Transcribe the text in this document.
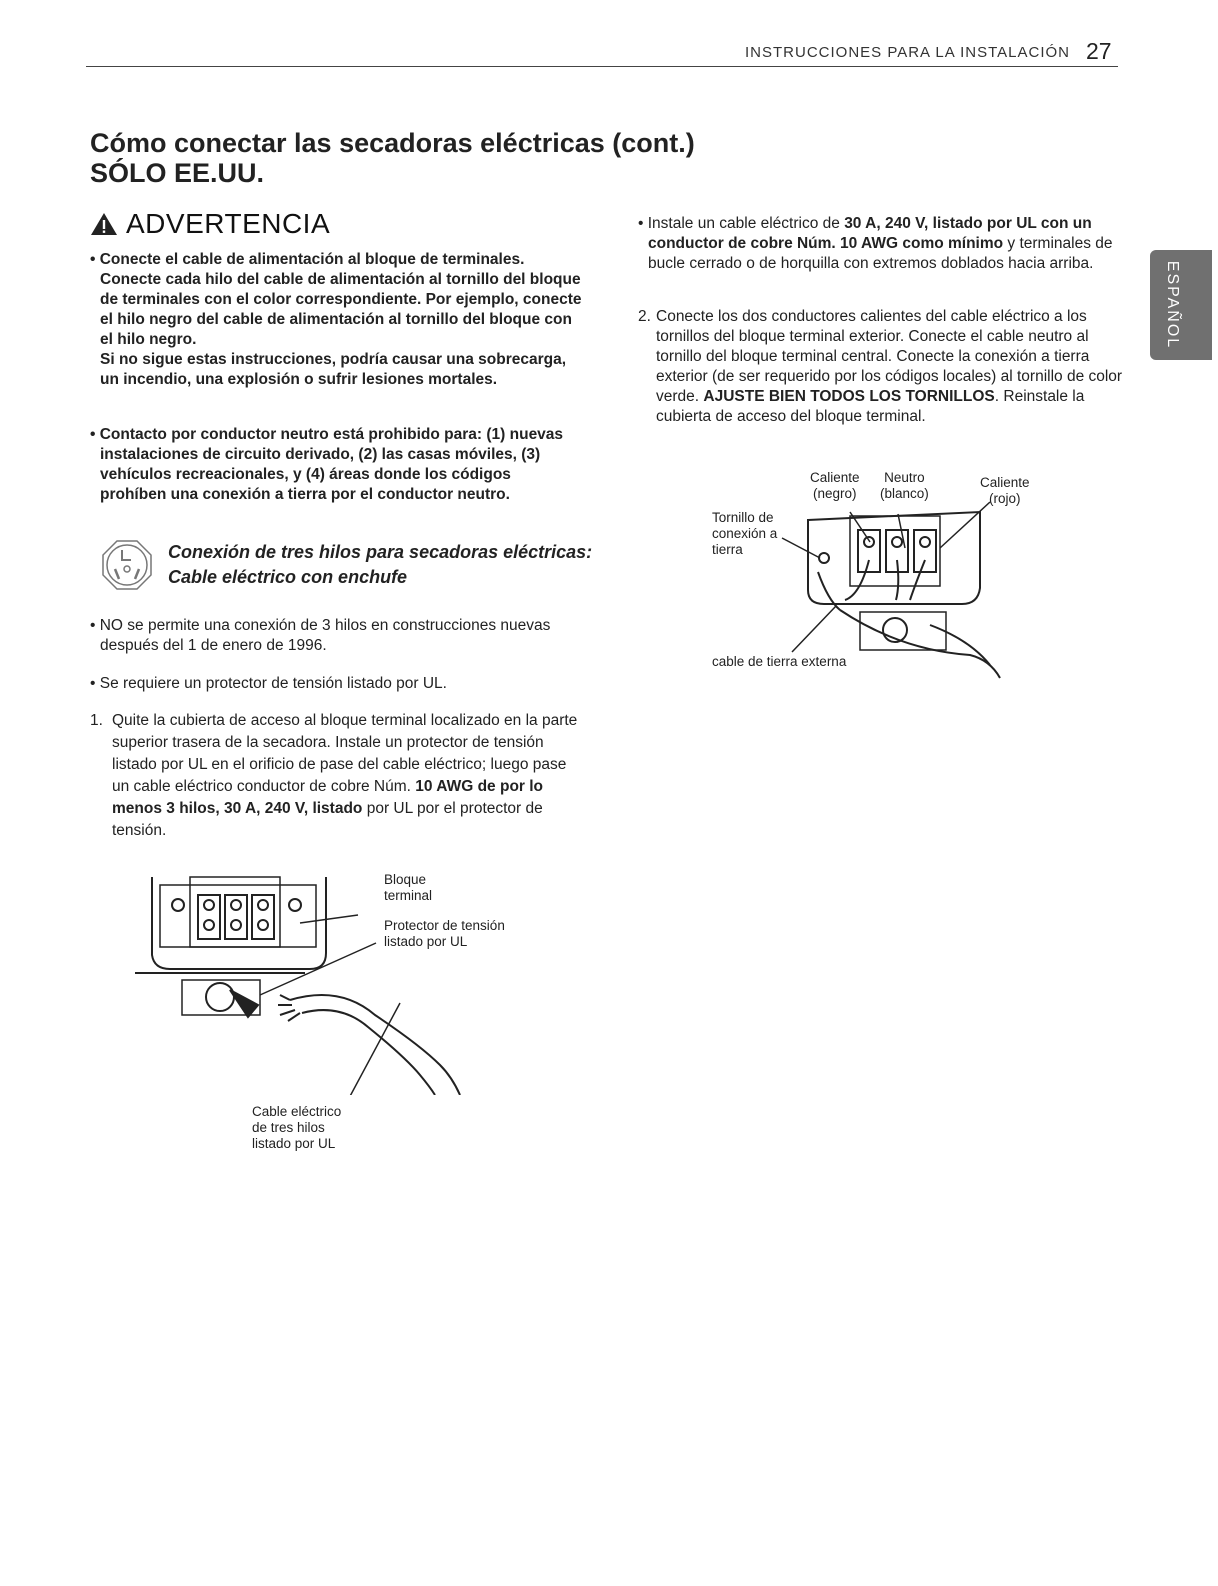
INSTRUCCIONES PARA LA INSTALACIÓN 27
ESPAÑOL
Cómo conectar las secadoras eléctricas (cont.)
SÓLO EE.UU.
ADVERTENCIA
• Conecte el cable de alimentación al bloque de terminales. Conecte cada hilo del cable de alimentación al tornillo del bloque de terminales con el color correspondiente. Por ejemplo, conecte el hilo negro del cable de alimentación al tornillo del bloque con el hilo negro.
Si no sigue estas instrucciones, podría causar una sobrecarga, un incendio, una explosión o sufrir lesiones mortales.
• Contacto por conductor neutro está prohibido para: (1) nuevas instalaciones de circuito derivado, (2) las casas móviles, (3) vehículos recreacionales, y (4) áreas donde los códigos prohíben una conexión a tierra por el conductor neutro.
Conexión de tres hilos para secadoras eléctricas:
Cable eléctrico con enchufe
• NO se permite una conexión de 3 hilos en construcciones nuevas después del 1 de enero de 1996.
• Se requiere un protector de tensión listado por UL.
1. Quite la cubierta de acceso al bloque terminal localizado en la parte superior trasera de la secadora. Instale un protector de tensión listado por UL en el orificio de pase del cable eléctrico; luego pase un cable eléctrico conductor de cobre Núm. 10 AWG de por lo menos 3 hilos, 30 A, 240 V, listado por UL por el protector de tensión.
• Instale un cable eléctrico de 30 A, 240 V, listado por UL con un conductor de cobre Núm. 10 AWG como mínimo y terminales de bucle cerrado o de horquilla con extremos doblados hacia arriba.
2. Conecte los dos conductores calientes del cable eléctrico a los tornillos del bloque terminal exterior. Conecte el cable neutro al tornillo del bloque terminal central. Conecte la conexión a tierra exterior (de ser requerido por los códigos locales) al tornillo de color verde. AJUSTE BIEN TODOS LOS TORNILLOS. Reinstale la cubierta de acceso del bloque terminal.
Bloque
terminal
Protector de tensión
listado por UL
Cable eléctrico
de tres hilos
listado por UL
Caliente
(negro)
Neutro
(blanco)
Caliente
(rojo)
Tornillo de
conexión a
tierra
cable de tierra externa
